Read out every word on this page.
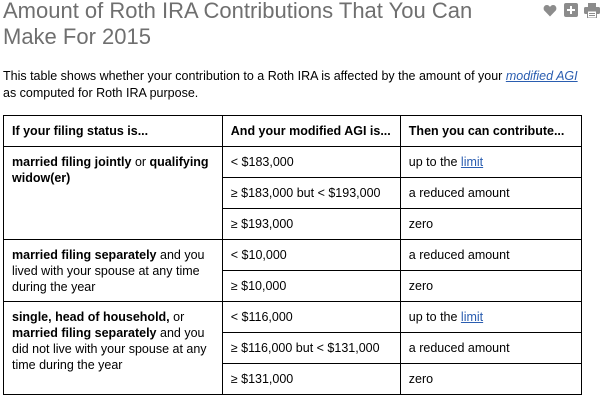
Amount of Roth IRA Contributions That You Can Make For 2015

This table shows whether your contribution to a Roth IRA is affected by the amount of your modified AGI as computed for Roth IRA purpose.

If your filing status is...	And your modified AGI is...	Then you can contribute...
married filing jointly or qualifying widow(er)	< $183,000	up to the limit
	≥ $183,000 but < $193,000	a reduced amount
	≥ $193,000	zero
married filing separately and you lived with your spouse at any time during the year	< $10,000	a reduced amount
	≥ $10,000	zero
single, head of household, or married filing separately and you did not live with your spouse at any time during the year	< $116,000	up to the limit
	≥ $116,000 but < $131,000	a reduced amount
	≥ $131,000	zero
